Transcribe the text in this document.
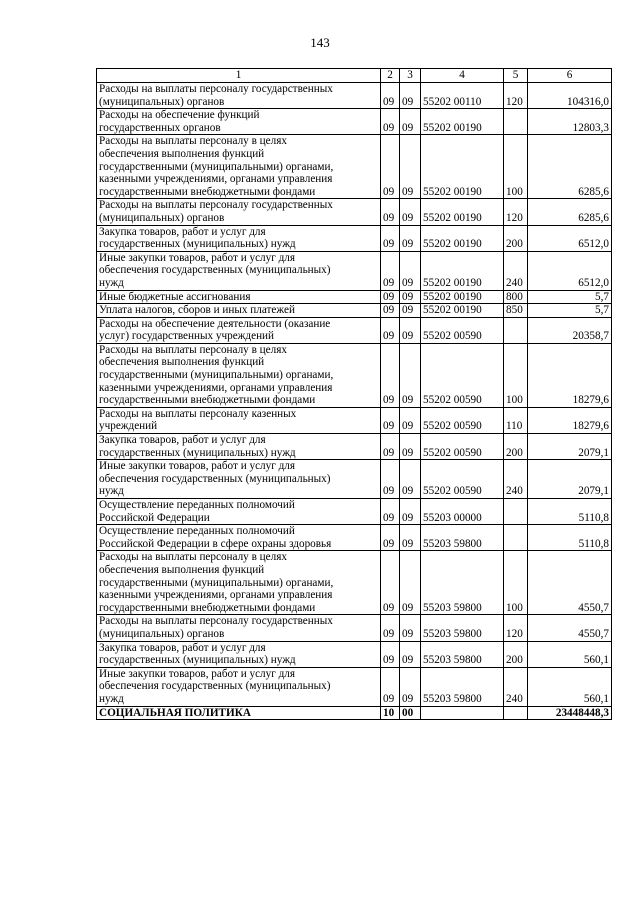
143
1	2	3	4	5	6

Расходы на выплаты персоналу государственных
(муниципальных) органов	09	09	55202 00110	120	104316,0

Расходы на обеспечение функций
государственных органов	09	09	55202 00190		12803,3

Расходы на выплаты персоналу в целях
обеспечения выполнения функций
государственными (муниципальными) органами,
казенными учреждениями, органами управления
государственными внебюджетными фондами	09	09	55202 00190	100	6285,6

Расходы на выплаты персоналу государственных
(муниципальных) органов	09	09	55202 00190	120	6285,6

Закупка товаров, работ и услуг для
государственных (муниципальных) нужд	09	09	55202 00190	200	6512,0

Иные закупки товаров, работ и услуг для
обеспечения государственных (муниципальных)
нужд	09	09	55202 00190	240	6512,0

Иные бюджетные ассигнования	09	09	55202 00190	800	5,7

Уплата налогов, сборов и иных платежей	09	09	55202 00190	850	5,7

Расходы на обеспечение деятельности (оказание
услуг) государственных учреждений	09	09	55202 00590		20358,7

Расходы на выплаты персоналу в целях
обеспечения выполнения функций
государственными (муниципальными) органами,
казенными учреждениями, органами управления
государственными внебюджетными фондами	09	09	55202 00590	100	18279,6

Расходы на выплаты персоналу казенных
учреждений	09	09	55202 00590	110	18279,6

Закупка товаров, работ и услуг для
государственных (муниципальных) нужд	09	09	55202 00590	200	2079,1

Иные закупки товаров, работ и услуг для
обеспечения государственных (муниципальных)
нужд	09	09	55202 00590	240	2079,1

Осуществление переданных полномочий
Российской Федерации	09	09	55203 00000		5110,8

Осуществление переданных полномочий
Российской Федерации в сфере охраны здоровья	09	09	55203 59800		5110,8

Расходы на выплаты персоналу в целях
обеспечения выполнения функций
государственными (муниципальными) органами,
казенными учреждениями, органами управления
государственными внебюджетными фондами	09	09	55203 59800	100	4550,7

Расходы на выплаты персоналу государственных
(муниципальных) органов	09	09	55203 59800	120	4550,7

Закупка товаров, работ и услуг для
государственных (муниципальных) нужд	09	09	55203 59800	200	560,1

Иные закупки товаров, работ и услуг для
обеспечения государственных (муниципальных)
нужд	09	09	55203 59800	240	560,1

СОЦИАЛЬНАЯ ПОЛИТИКА	10	00			23448448,3
